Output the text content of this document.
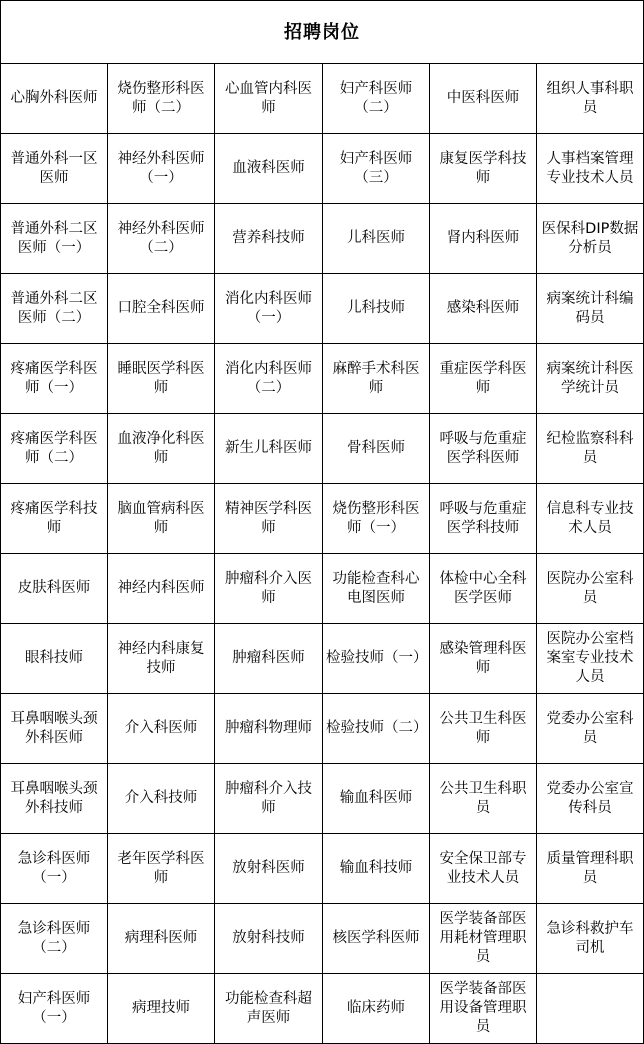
招聘岗位					
心胸外科医师	烧伤整形科医师（二）	心血管内科医师	妇产科医师（二）	中医科医师	组织人事科职员
普通外科一区医师	神经外科医师（一）	血液科医师	妇产科医师（三）	康复医学科技师	人事档案管理专业技术人员
普通外科二区医师（一）	神经外科医师（二）	营养科技师	儿科医师	肾内科医师	医保科DIP数据分析员
普通外科二区医师（二）	口腔全科医师	消化内科医师（一）	儿科技师	感染科医师	病案统计科编码员
疼痛医学科医师（一）	睡眠医学科医师	消化内科医师（二）	麻醉手术科医师	重症医学科医师	病案统计科医学统计员
疼痛医学科医师（二）	血液净化科医师	新生儿科医师	骨科医师	呼吸与危重症医学科医师	纪检监察科科员
疼痛医学科技师	脑血管病科医师	精神医学科医师	烧伤整形科医师（一）	呼吸与危重症医学科技师	信息科专业技术人员
皮肤科医师	神经内科医师	肿瘤科介入医师	功能检查科心电图医师	体检中心全科医学医师	医院办公室科员
眼科技师	神经内科康复技师	肿瘤科医师	检验技师（一）	感染管理科医师	医院办公室档案室专业技术人员
耳鼻咽喉头颈外科医师	介入科医师	肿瘤科物理师	检验技师（二）	公共卫生科医师	党委办公室科员
耳鼻咽喉头颈外科技师	介入科技师	肿瘤科介入技师	输血科医师	公共卫生科职员	党委办公室宣传科员
急诊科医师（一）	老年医学科医师	放射科医师	输血科技师	安全保卫部专业技术人员	质量管理科职员
急诊科医师（二）	病理科医师	放射科技师	核医学科医师	医学装备部医用耗材管理职员	急诊科救护车司机
妇产科医师（一）	病理技师	功能检查科超声医师	临床药师	医学装备部医用设备管理职员	
